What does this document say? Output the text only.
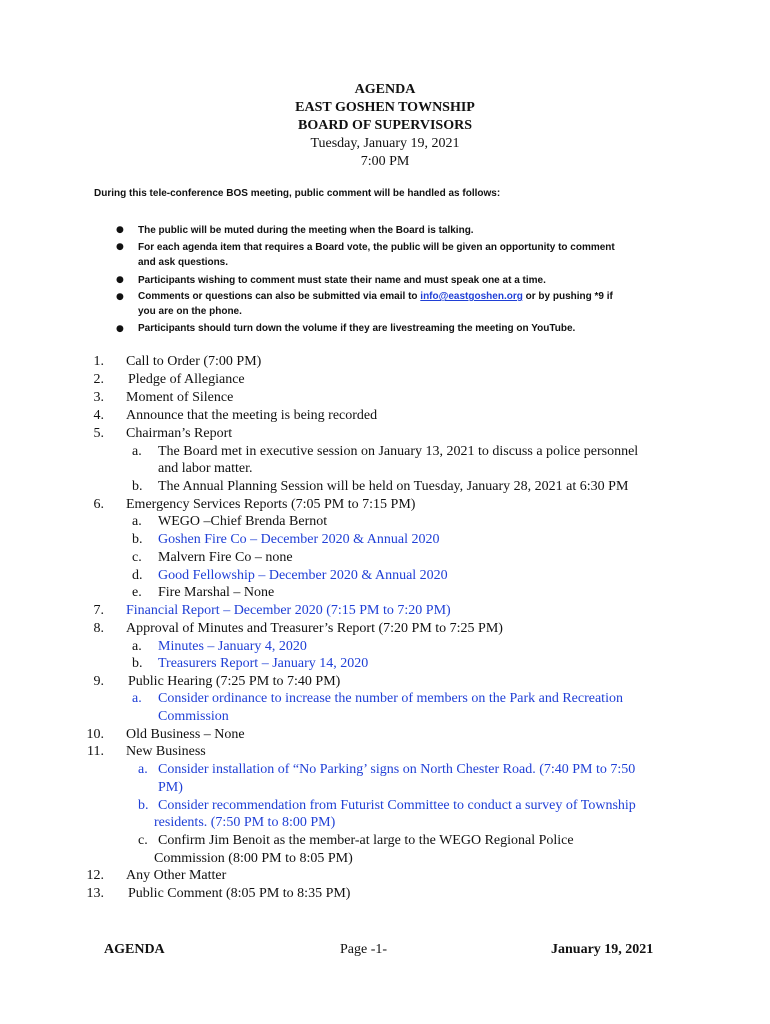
AGENDA
EAST GOSHEN TOWNSHIP
BOARD OF SUPERVISORS
Tuesday, January 19, 2021
7:00 PM
During this tele-conference BOS meeting, public comment will be handled as follows:
● The public will be muted during the meeting when the Board is talking.
● For each agenda item that requires a Board vote, the public will be given an opportunity to comment
and ask questions.
● Participants wishing to comment must state their name and must speak one at a time.
● Comments or questions can also be submitted via email to info@eastgoshen.org or by pushing *9 if
you are on the phone.
● Participants should turn down the volume if they are livestreaming the meeting on YouTube.
1. Call to Order (7:00 PM)
2. Pledge of Allegiance
3. Moment of Silence
4. Announce that the meeting is being recorded
5. Chairman’s Report
a. The Board met in executive session on January 13, 2021 to discuss a police personnel
and labor matter.
b. The Annual Planning Session will be held on Tuesday, January 28, 2021 at 6:30 PM
6. Emergency Services Reports (7:05 PM to 7:15 PM)
a. WEGO –Chief Brenda Bernot
b. Goshen Fire Co – December 2020 & Annual 2020
c. Malvern Fire Co – none
d. Good Fellowship – December 2020 & Annual 2020
e. Fire Marshal – None
7. Financial Report – December 2020 (7:15 PM to 7:20 PM)
8. Approval of Minutes and Treasurer’s Report (7:20 PM to 7:25 PM)
a. Minutes – January 4, 2020
b. Treasurers Report – January 14, 2020
9. Public Hearing (7:25 PM to 7:40 PM)
a. Consider ordinance to increase the number of members on the Park and Recreation
Commission
10. Old Business – None
11. New Business
a. Consider installation of “No Parking’ signs on North Chester Road. (7:40 PM to 7:50
PM)
b. Consider recommendation from Futurist Committee to conduct a survey of Township
residents. (7:50 PM to 8:00 PM)
c. Confirm Jim Benoit as the member-at large to the WEGO Regional Police
Commission (8:00 PM to 8:05 PM)
12. Any Other Matter
13. Public Comment (8:05 PM to 8:35 PM)
AGENDA	Page -1-	January 19, 2021
